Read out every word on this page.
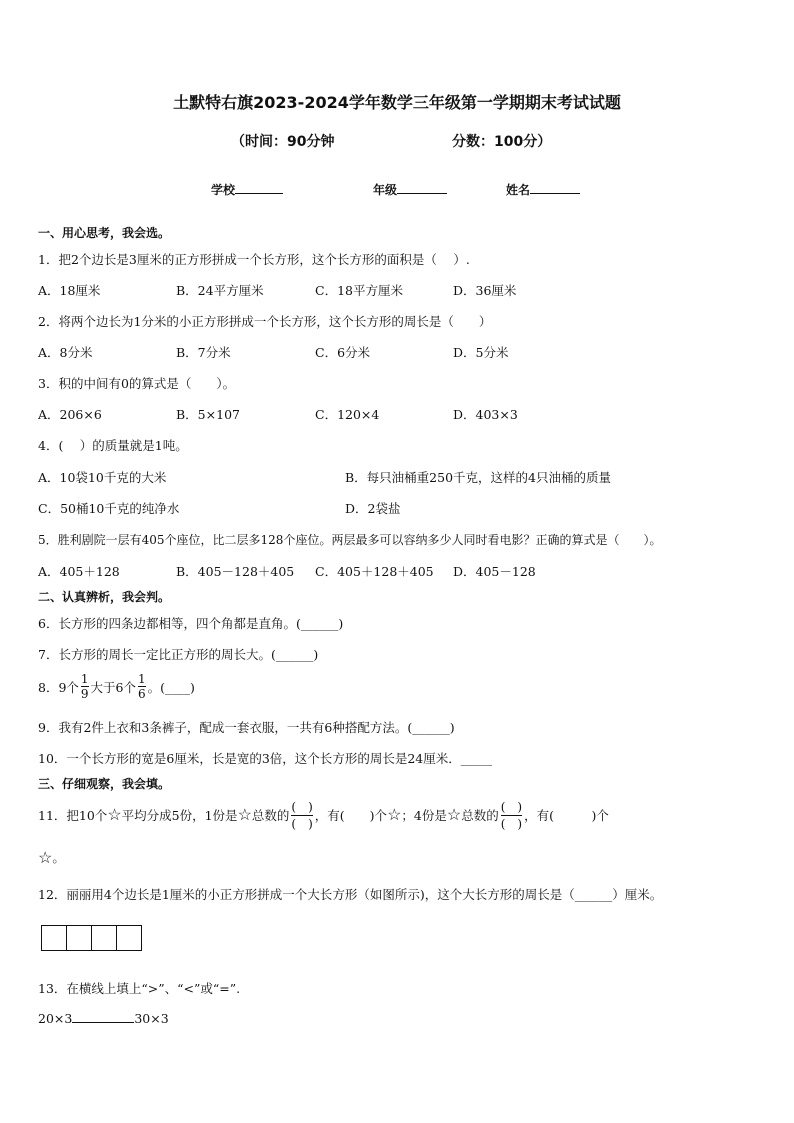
土默特右旗2023-2024学年数学三年级第一学期期末考试试题
（时间：90分钟	分数：100分）
学校	年级	姓名
一、用心思考，我会选。
1．把2个边长是3厘米的正方形拼成一个长方形，这个长方形的面积是（　 ）.
A．18厘米	B．24平方厘米	C．18平方厘米	D．36厘米
2．将两个边长为1分米的小正方形拼成一个长方形，这个长方形的周长是（　　）
A．8分米	B．7分米	C．6分米	D．5分米
3．积的中间有0的算式是（　　）。
A．206×6	B．5×107	C．120×4	D．403×3
4．(　 ）的质量就是1吨。
A．10袋10千克的大米	B．每只油桶重250千克，这样的4只油桶的质量
C．50桶10千克的纯净水	D．2袋盐
5．胜利剧院一层有405个座位，比二层多128个座位。两层最多可以容纳多少人同时看电影？正确的算式是（　　）。
A．405＋128	B．405－128＋405 C．405＋128＋405 D．405－128
二、认真辨析，我会判。
6．长方形的四条边都相等，四个角都是直角。(______)
7．长方形的周长一定比正方形的周长大。(______)
8．9个 $\frac{1}{9}$ 大于6个 $\frac{1}{6}$ 。(____)
9．我有2件上衣和3条裤子，配成一套衣服，一共有6种搭配方法。(______)
10．一个长方形的宽是6厘米，长是宽的3倍，这个长方形的周长是24厘米．_____
三、仔细观察，我会填。
11．把10个 ☆ 平均分成5份，1份是 ☆ 总数的 $\frac{( )}{( )}$ ，有(　　)个 ☆ ；4份是 ☆ 总数的 $\frac{( )}{( )}$ ，有(　　　)个
☆。
12．丽丽用4个边长是1厘米的小正方形拼成一个大长方形（如图所示)，这个大长方形的周长是（______）厘米。
13．在横线上填上“>”、“<”或“=”.
20×3	30×3
